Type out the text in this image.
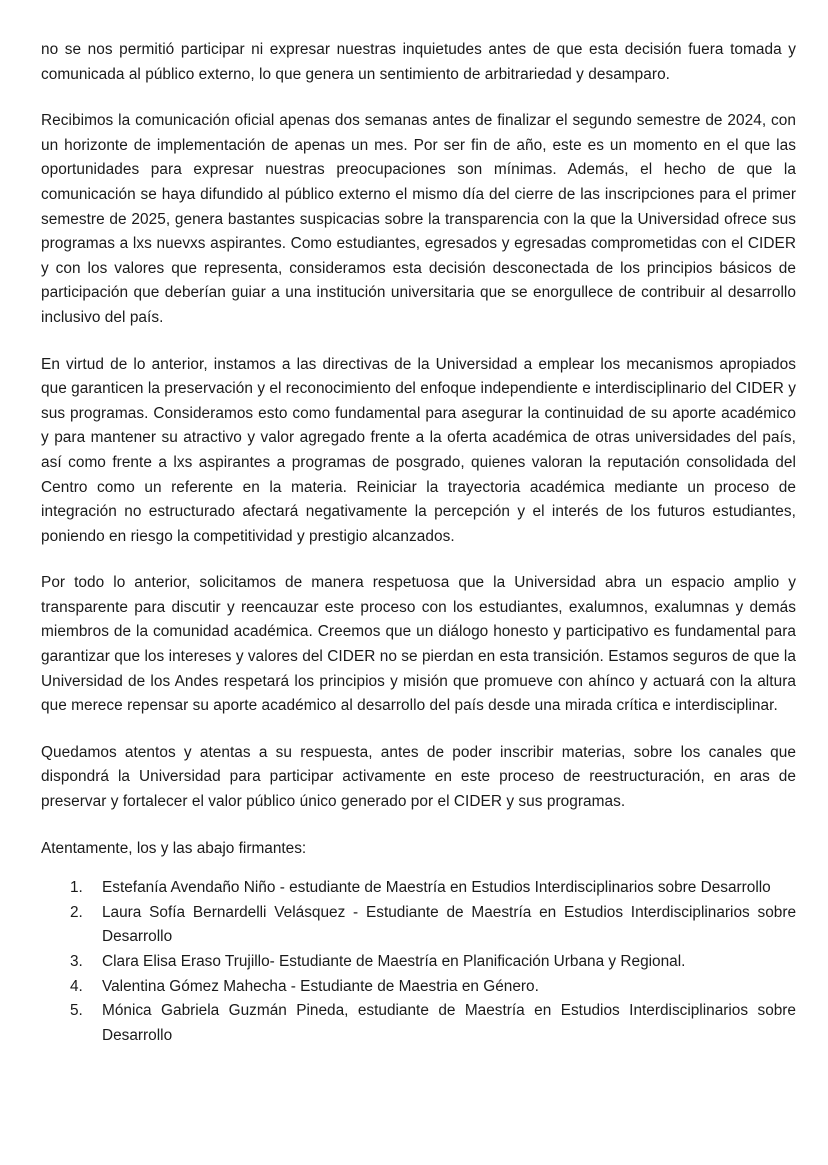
no se nos permitió participar ni expresar nuestras inquietudes antes de que esta decisión fuera tomada y comunicada al público externo, lo que genera un sentimiento de arbitrariedad y desamparo.

Recibimos la comunicación oficial apenas dos semanas antes de finalizar el segundo semestre de 2024, con un horizonte de implementación de apenas un mes. Por ser fin de año, este es un momento en el que las oportunidades para expresar nuestras preocupaciones son mínimas. Además, el hecho de que la comunicación se haya difundido al público externo el mismo día del cierre de las inscripciones para el primer semestre de 2025, genera bastantes suspicacias sobre la transparencia con la que la Universidad ofrece sus programas a lxs nuevxs aspirantes. Como estudiantes, egresados y egresadas comprometidas con el CIDER y con los valores que representa, consideramos esta decisión desconectada de los principios básicos de participación que deberían guiar a una institución universitaria que se enorgullece de contribuir al desarrollo inclusivo del país.

En virtud de lo anterior, instamos a las directivas de la Universidad a emplear los mecanismos apropiados que garanticen la preservación y el reconocimiento del enfoque independiente e interdisciplinario del CIDER y sus programas. Consideramos esto como fundamental para asegurar la continuidad de su aporte académico y para mantener su atractivo y valor agregado frente a la oferta académica de otras universidades del país, así como frente a lxs aspirantes a programas de posgrado, quienes valoran la reputación consolidada del Centro como un referente en la materia. Reiniciar la trayectoria académica mediante un proceso de integración no estructurado afectará negativamente la percepción y el interés de los futuros estudiantes, poniendo en riesgo la competitividad y prestigio alcanzados.

Por todo lo anterior, solicitamos de manera respetuosa que la Universidad abra un espacio amplio y transparente para discutir y reencauzar este proceso con los estudiantes, exalumnos, exalumnas y demás miembros de la comunidad académica. Creemos que un diálogo honesto y participativo es fundamental para garantizar que los intereses y valores del CIDER no se pierdan en esta transición. Estamos seguros de que la Universidad de los Andes respetará los principios y misión que promueve con ahínco y actuará con la altura que merece repensar su aporte académico al desarrollo del país desde una mirada crítica e interdisciplinar.

Quedamos atentos y atentas a su respuesta, antes de poder inscribir materias, sobre los canales que dispondrá la Universidad para participar activamente en este proceso de reestructuración, en aras de preservar y fortalecer el valor público único generado por el CIDER y sus programas.

Atentamente, los y las abajo firmantes:

1.	Estefanía Avendaño Niño - estudiante de Maestría en Estudios Interdisciplinarios sobre Desarrollo
2.	Laura Sofía Bernardelli Velásquez - Estudiante de Maestría en Estudios Interdisciplinarios sobre Desarrollo
3.	Clara Elisa Eraso Trujillo- Estudiante de Maestría en Planificación Urbana y Regional.
4.	Valentina Gómez Mahecha - Estudiante de Maestria en Género.
5.	Mónica Gabriela Guzmán Pineda, estudiante de Maestría en Estudios Interdisciplinarios sobre Desarrollo
